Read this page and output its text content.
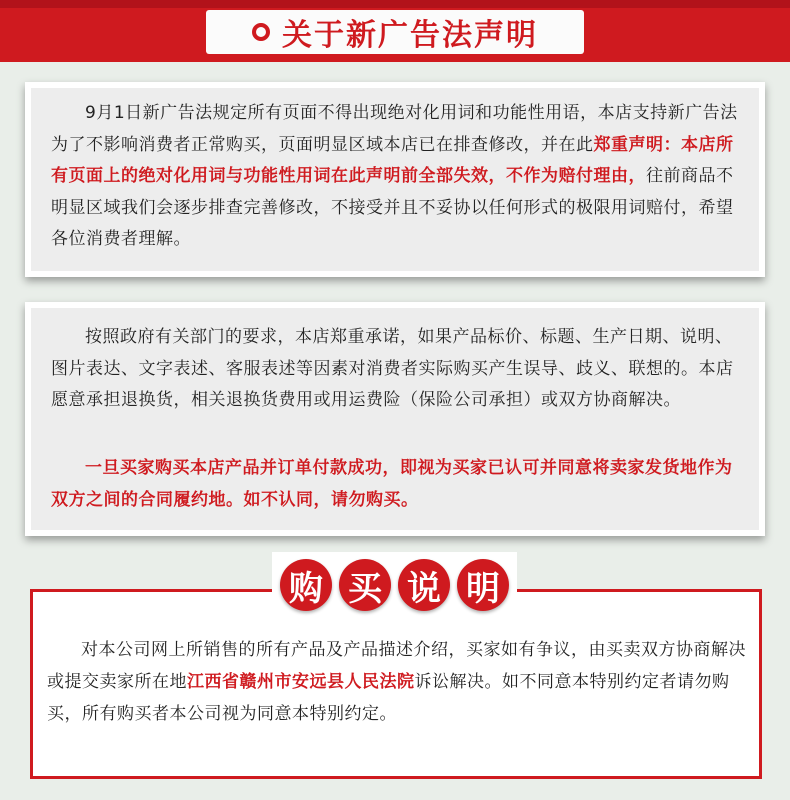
关于新广告法声明

9月1日新广告法规定所有页面不得出现绝对化用词和功能性用语，本店支持新广告法为了不影响消费者正常购买，页面明显区域本店已在排查修改，并在此郑重声明：本店所有页面上的绝对化用词与功能性用词在此声明前全部失效，不作为赔付理由，往前商品不明显区域我们会逐步排查完善修改，不接受并且不妥协以任何形式的极限用词赔付，希望各位消费者理解。

按照政府有关部门的要求，本店郑重承诺，如果产品标价、标题、生产日期、说明、图片表达、文字表述、客服表述等因素对消费者实际购买产生误导、歧义、联想的。本店愿意承担退换货，相关退换货费用或用运费险（保险公司承担）或双方协商解决。

一旦买家购买本店产品并订单付款成功，即视为买家已认可并同意将卖家发货地作为双方之间的合同履约地。如不认同，请勿购买。

对本公司网上所销售的所有产品及产品描述介绍，买家如有争议，由买卖双方协商解决或提交卖家所在地江西省赣州市安远县人民法院诉讼解决。如不同意本特别约定者请勿购买，所有购买者本公司视为同意本特别约定。

购 买 说 明
